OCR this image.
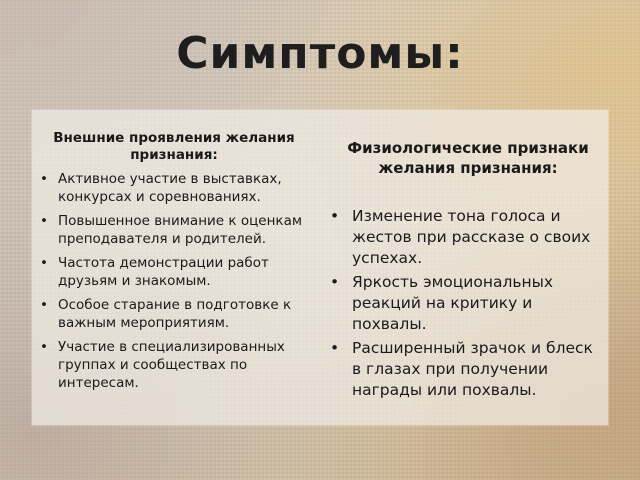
Симптомы:
Внешние проявления желания признания:
• Активное участие в выставках, конкурсах и соревнованиях.
• Повышенное внимание к оценкам преподавателя и родителей.
• Частота демонстрации работ друзьям и знакомым.
• Особое старание в подготовке к важным мероприятиям.
• Участие в специализированных группах и сообществах по интересам.
Физиологические признаки желания признания:
• Изменение тона голоса и жестов при рассказе о своих успехах.
• Яркость эмоциональных реакций на критику и похвалы.
• Расширенный зрачок и блеск в глазах при получении награды или похвалы.
